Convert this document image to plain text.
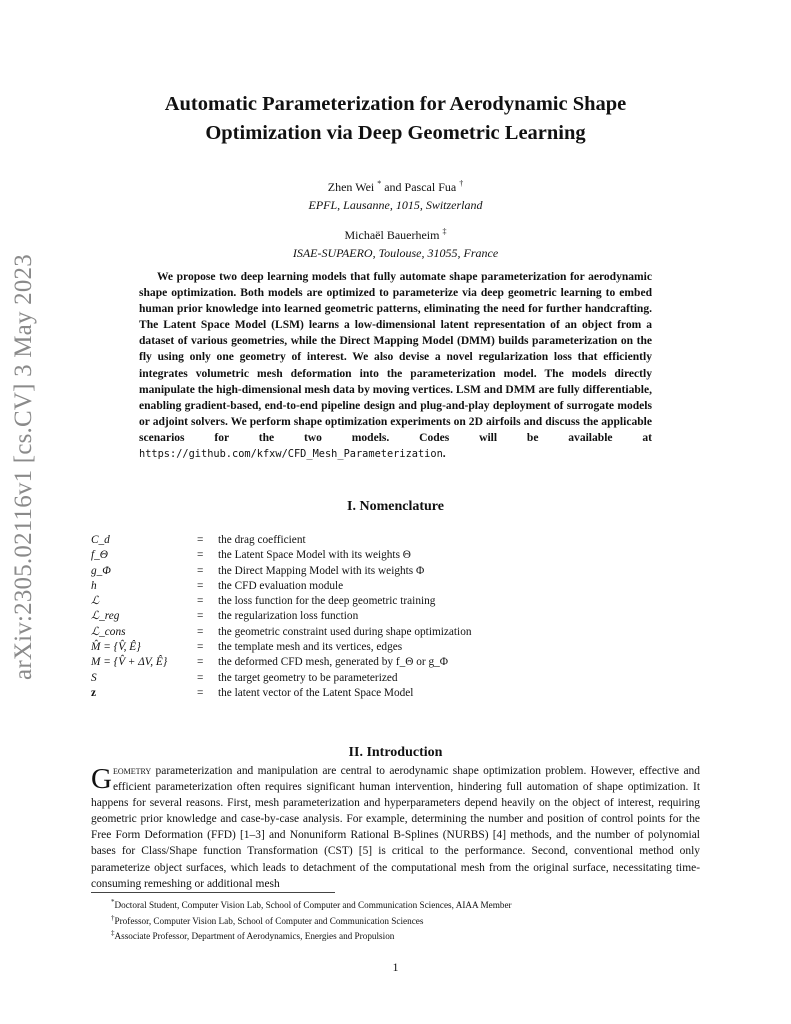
arXiv:2305.02116v1 [cs.CV] 3 May 2023
Automatic Parameterization for Aerodynamic Shape
Optimization via Deep Geometric Learning
Zhen Wei * and Pascal Fua †
EPFL, Lausanne, 1015, Switzerland
Michaël Bauerheim ‡
ISAE-SUPAERO, Toulouse, 31055, France
We propose two deep learning models that fully automate shape parameterization for aerodynamic shape optimization. Both models are optimized to parameterize via deep geometric learning to embed human prior knowledge into learned geometric patterns, eliminating the need for further handcrafting. The Latent Space Model (LSM) learns a low-dimensional latent representation of an object from a dataset of various geometries, while the Direct Mapping Model (DMM) builds parameterization on the fly using only one geometry of interest. We also devise a novel regularization loss that efficiently integrates volumetric mesh deformation into the parameterization model. The models directly manipulate the high-dimensional mesh data by moving vertices. LSM and DMM are fully differentiable, enabling gradient-based, end-to-end pipeline design and plug-and-play deployment of surrogate models or adjoint solvers. We perform shape optimization experiments on 2D airfoils and discuss the applicable scenarios for the two models. Codes will be available at https://github.com/kfxw/CFD_Mesh_Parameterization.
I. Nomenclature
C_d	= the drag coefficient
f_Θ	= the Latent Space Model with its weights Θ
g_Φ	= the Direct Mapping Model with its weights Φ
h	= the CFD evaluation module
ℒ	= the loss function for the deep geometric training
ℒ_reg	= the regularization loss function
ℒ_cons	= the geometric constraint used during shape optimization
M̂ = {V̂, Ê}	= the template mesh and its vertices, edges
M = {V̂ + ΔV, Ê}	= the deformed CFD mesh, generated by f_Θ or g_Φ
S	= the target geometry to be parameterized
z	= the latent vector of the Latent Space Model
II. Introduction
Geometry parameterization and manipulation are central to aerodynamic shape optimization problem. However, effective and efficient parameterization often requires significant human intervention, hindering full automation of shape optimization. It happens for several reasons. First, mesh parameterization and hyperparameters depend heavily on the object of interest, requiring geometric prior knowledge and case-by-case analysis. For example, determining the number and position of control points for the Free Form Deformation (FFD) [1–3] and Nonuniform Rational B-Splines (NURBS) [4] methods, and the number of polynomial bases for Class/Shape function Transformation (CST) [5] is critical to the performance. Second, conventional method only parameterize object surfaces, which leads to detachment of the computational mesh from the original surface, necessitating time-consuming remeshing or additional mesh
*Doctoral Student, Computer Vision Lab, School of Computer and Communication Sciences, AIAA Member
†Professor, Computer Vision Lab, School of Computer and Communication Sciences
‡Associate Professor, Department of Aerodynamics, Energies and Propulsion
1
